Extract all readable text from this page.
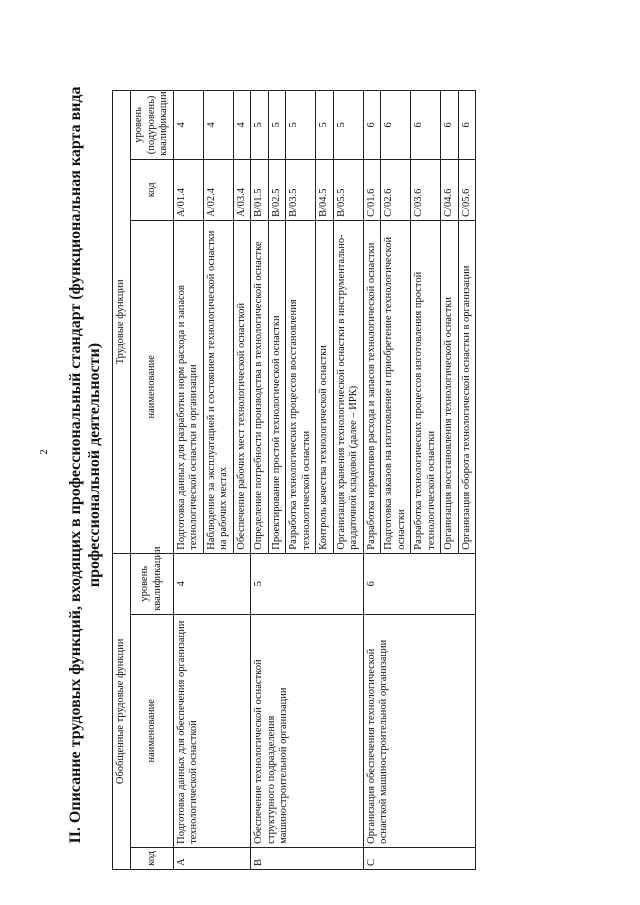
2 II. Описание трудовых функций, входящих в профессиональный стандарт (функциональная карта вида профессиональной деятельности)
Обобщенные трудовые функции			Трудовые функции		
код	наименование	уровень квалификации	наименование	код	уровень (подуровень) квалификации
A	Подготовка данных для обеспечения организации технологической оснасткой	4	Подготовка данных для разработки норм расхода и запасов технологической оснастки в организации	A/01.4	4
			Наблюдение за эксплуатацией и состоянием технологической оснастки на рабочих местах	A/02.4	4
			Обеспечение рабочих мест технологической оснасткой	A/03.4	4
B	Обеспечение технологической оснасткой структурного подразделения машиностроительной организации	5	Определение потребности производства в технологической оснастке	B/01.5	5
			Проектирование простой технологической оснастки	B/02.5	5
			Разработка технологических процессов восстановления технологической оснастки	B/03.5	5
			Контроль качества технологической оснастки	B/04.5	5
			Организация хранения технологической оснастки в инструментально-раздаточной кладовой (далее – ИРК)	B/05.5	5
C	Организация обеспечения технологической оснасткой машиностроительной организации	6	Разработка нормативов расхода и запасов технологической оснастки	C/01.6	6
			Подготовка заказов на изготовление и приобретение технологической оснастки	C/02.6	6
			Разработка технологических процессов изготовления простой технологической оснастки	C/03.6	6
			Организация восстановления технологической оснастки	C/04.6	6
			Организация оборота технологической оснастки в организации	C/05.6	6
